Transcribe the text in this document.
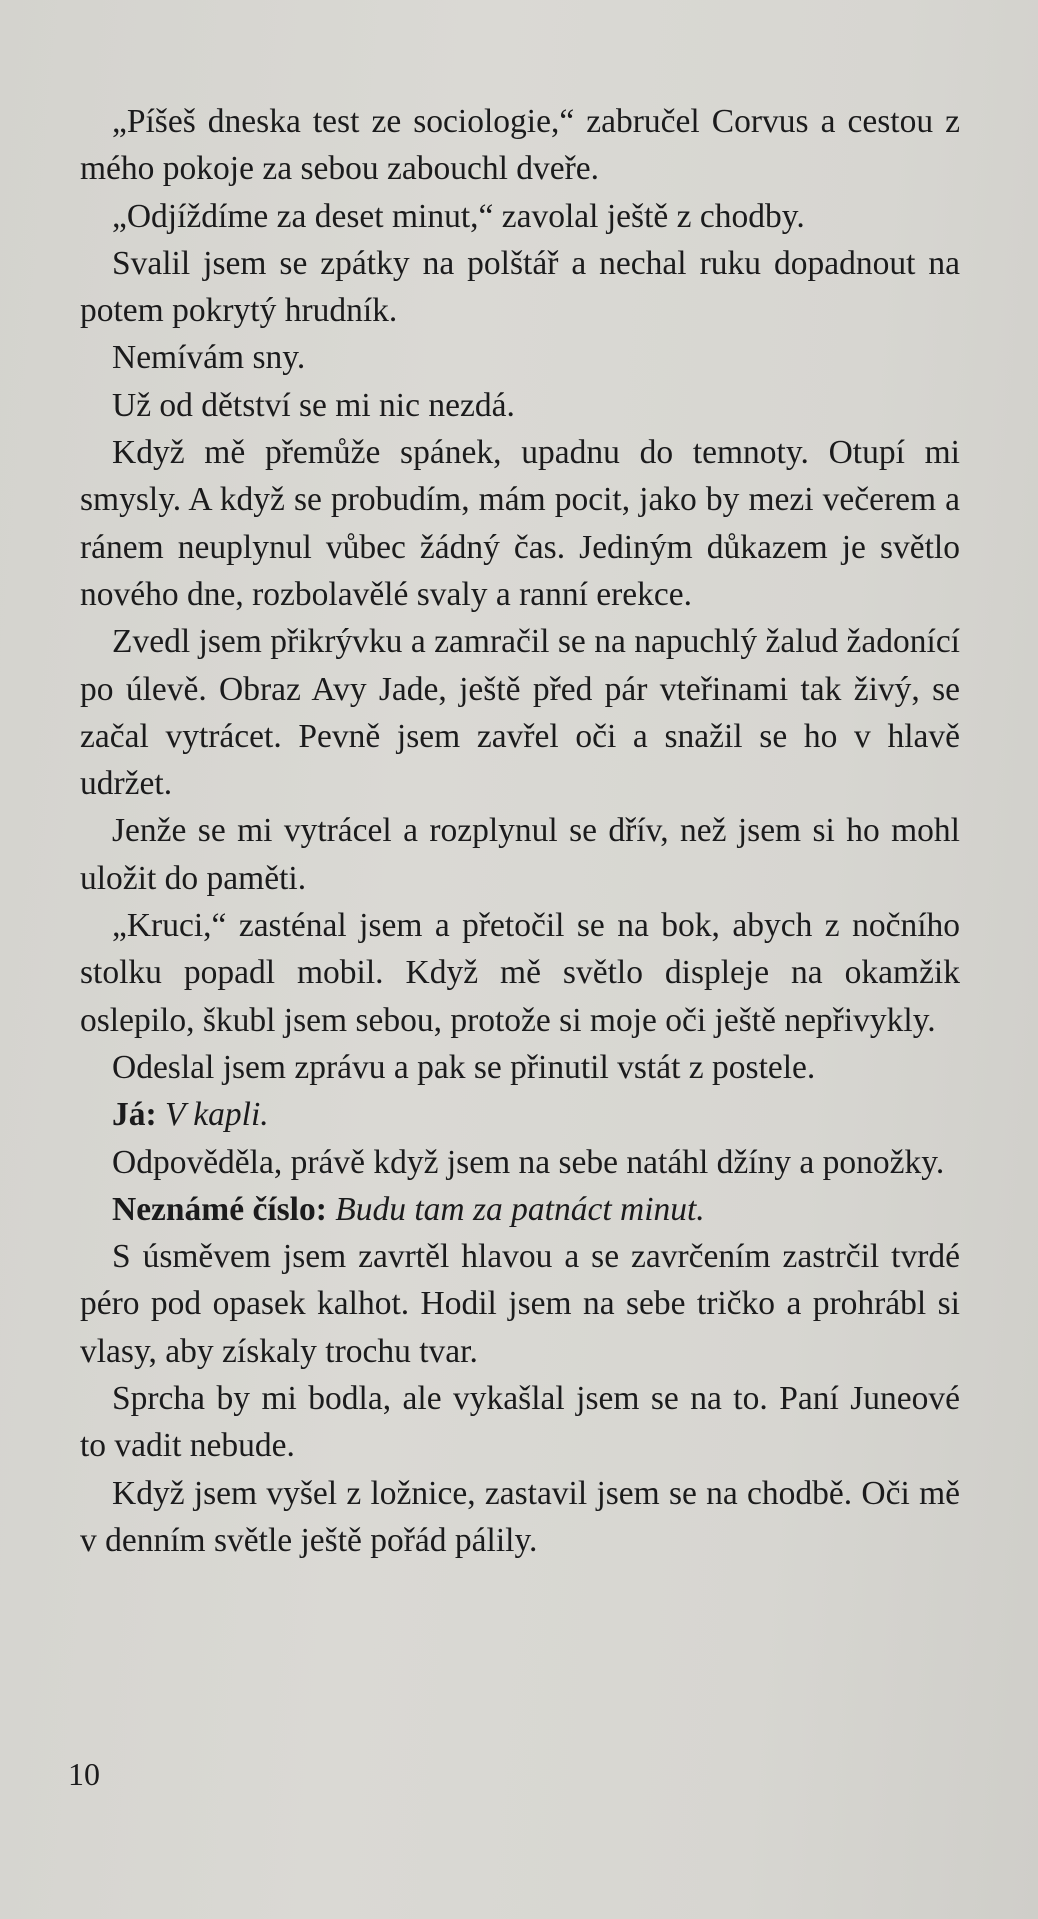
„Píšeš dneska test ze sociologie,“ zabručel Corvus a cestou z mého pokoje za sebou zabouchl dveře.

„Odjíždíme za deset minut,“ zavolal ještě z chodby.

Svalil jsem se zpátky na polštář a nechal ruku dopadnout na potem pokrytý hrudník.

Nemívám sny.

Už od dětství se mi nic nezdá.

Když mě přemůže spánek, upadnu do temnoty. Otupí mi smysly. A když se probudím, mám pocit, jako by mezi večerem a ránem neuplynul vůbec žádný čas. Jediným důkazem je světlo nového dne, rozbolavělé svaly a ranní erekce.

Zvedl jsem přikrývku a zamračil se na napuchlý žalud žadonící po úlevě. Obraz Avy Jade, ještě před pár vteřinami tak živý, se začal vytrácet. Pevně jsem zavřel oči a snažil se ho v hlavě udržet.

Jenže se mi vytrácel a rozplynul se dřív, než jsem si ho mohl uložit do paměti.

„Kruci,“ zasténal jsem a přetočil se na bok, abych z nočního stolku popadl mobil. Když mě světlo displeje na okamžik oslepilo, škubl jsem sebou, protože si moje oči ještě nepřivykly.

Odeslal jsem zprávu a pak se přinutil vstát z postele.

Já: V kapli.

Odpověděla, právě když jsem na sebe natáhl džíny a ponožky.

Neznámé číslo: Budu tam za patnáct minut.

S úsměvem jsem zavrtěl hlavou a se zavrčením zastrčil tvrdé péro pod opasek kalhot. Hodil jsem na sebe tričko a prohrábl si vlasy, aby získaly trochu tvar.

Sprcha by mi bodla, ale vykašlal jsem se na to. Paní Juneové to vadit nebude.

Když jsem vyšel z ložnice, zastavil jsem se na chodbě. Oči mě v denním světle ještě pořád pálily.

10
